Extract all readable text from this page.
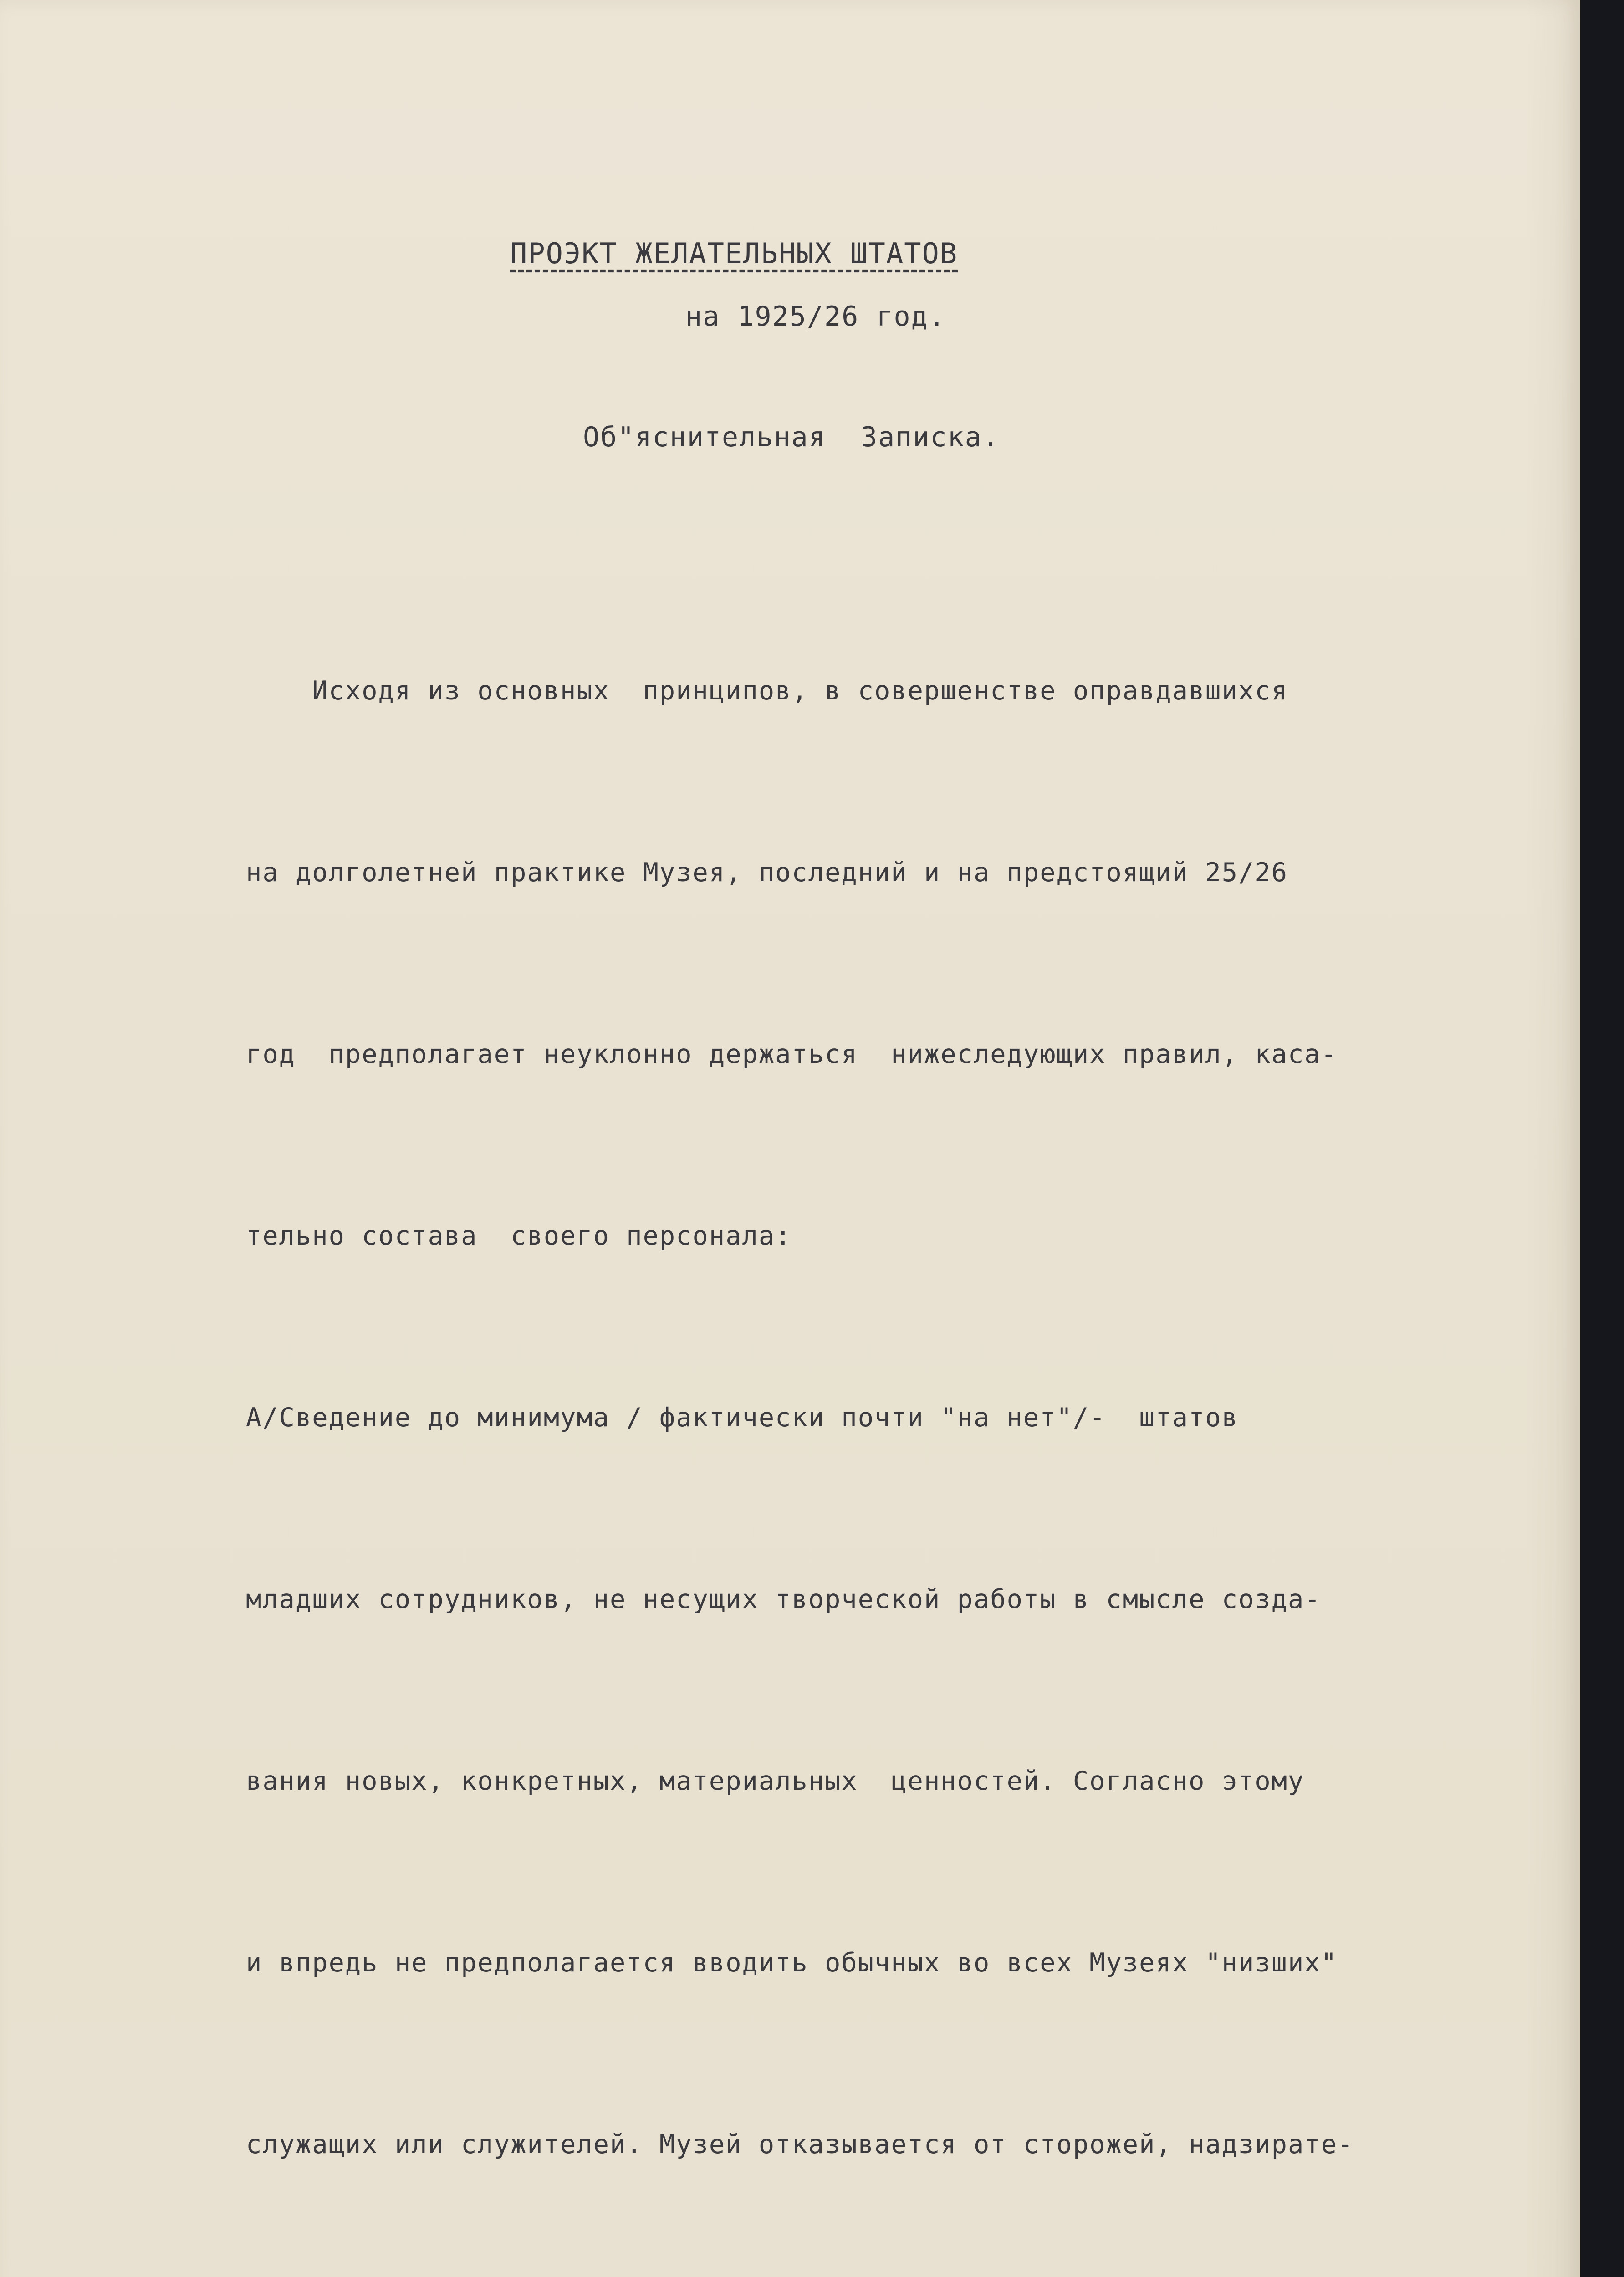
ПРОЭКТ ЖЕЛАТЕЛЬНЫХ ШТАТОВ
на 1925/26 год.
Об"яснительная  Записка.

Исходя из основных  принципов, в совершенстве оправдавшихся

на долголетней практике Музея, последний и на предстоящий 25/26

год  предполагает неуклонно держаться  нижеследующих правил, каса-

тельно состава  своего персонала:

А/Сведение до минимума / фактически почти "на нет"/-  штатов

младших сотрудников, не несущих творческой работы в смысле созда-

вания новых, конкретных, материальных  ценностей. Согласно этому

и впредь не предполагается вводить обычных во всех Музеях "низших"

служащих или служителей. Музей отказывается от сторожей, надзирате-
